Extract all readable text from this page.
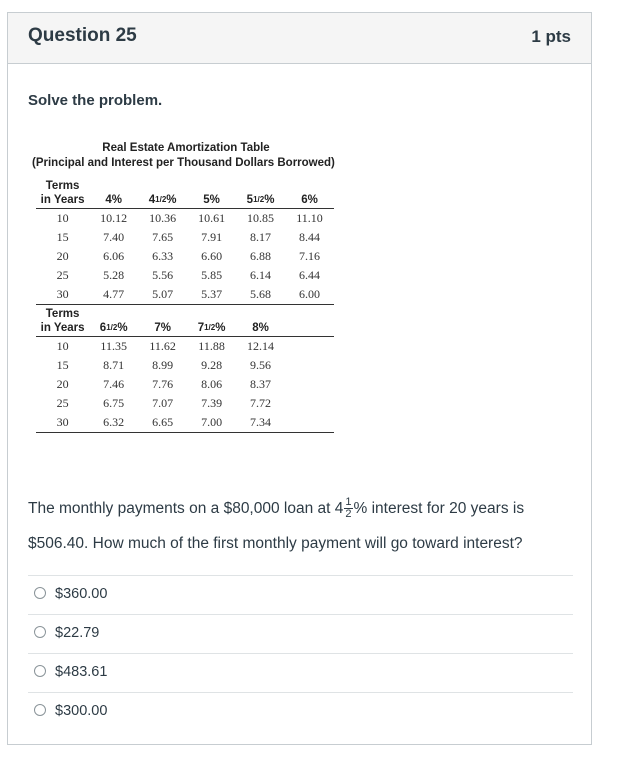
Question 25	1 pts
Solve the problem.
Real Estate Amortization Table
(Principal and Interest per Thousand Dollars Borrowed)
Terms					
in Years	4%	41/2%	5%	51/2%	6%
10	10.12	10.36	10.61	10.85	11.10
15	7.40	7.65	7.91	8.17	8.44
20	6.06	6.33	6.60	6.88	7.16
25	5.28	5.56	5.85	6.14	6.44
30	4.77	5.07	5.37	5.68	6.00
Terms					
in Years	61/2%	7%	71/2%	8%	
10	11.35	11.62	11.88	12.14	
15	8.71	8.99	9.28	9.56	
20	7.46	7.76	8.06	8.37	
25	6.75	7.07	7.39	7.72	
30	6.32	6.65	7.00	7.34	
The monthly payments on a $80,000 loan at $4 \frac{1}{2}$ % interest for 20 years is $506.40. How much of the first monthly payment will go toward interest?
$360.00
$22.79
$483.61
$300.00
